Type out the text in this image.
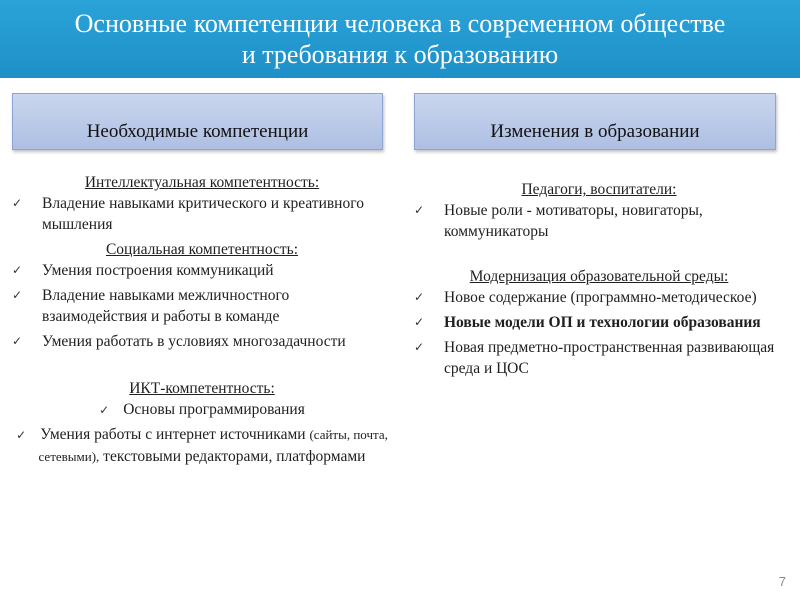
Основные компетенции человека в современном обществе
и требования к образованию
Необходимые компетенции	Изменения в образовании

Интеллектуальная компетентность:

✓	Владение навыками критического и креативного мышления

Социальная компетентность:

✓	Умения построения коммуникаций
✓	Владение навыками межличностного взаимодействия и работы в команде
✓	Умения работать в условиях многозадачности

ИКТ-компетентность:

✓ Основы программирования
✓ Умения работы с интернет источниками (сайты, почта, сетевыми), текстовыми редакторами, платформами

Педагоги, воспитатели:

✓	Новые роли - мотиваторы, новигаторы, коммуникаторы

Модернизация образовательной среды:

✓	Новое содержание (программно-методическое)
✓	Новые модели ОП и технологии образования
✓	Новая предметно-пространственная развивающая среда и ЦОС
7
